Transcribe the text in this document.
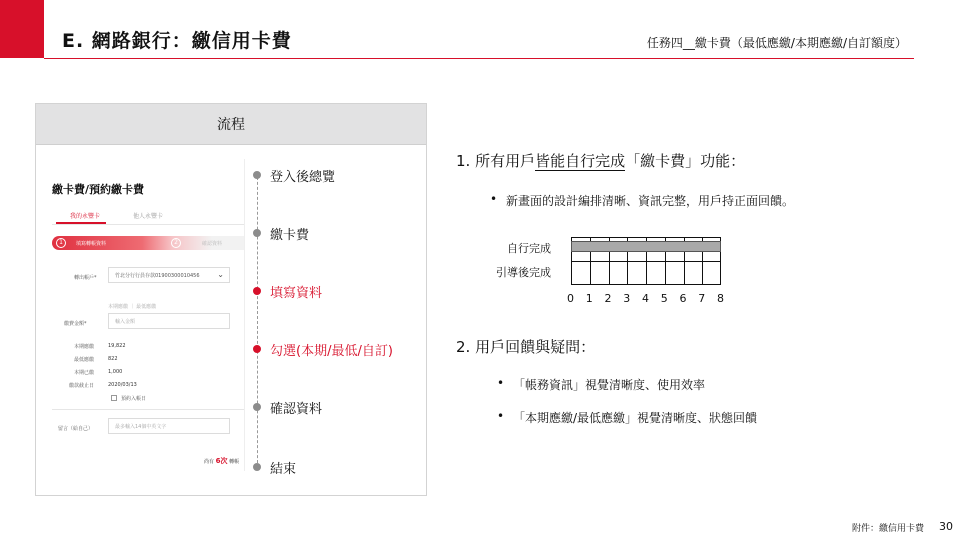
E. 網路銀行：繳信用卡費	任務四__繳卡費（最低應繳/本期應繳/自訂額度）
流程
繳卡費/預約繳卡費
我的永豐卡	他人永豐卡
1	填寫轉帳資料	2	確認資料
轉出帳戶*	竹北分行行員存款01900300010456 ⌄
本期應繳 ｜ 最低應繳
繳費金額*	輸入金額
本期應繳	19,822
最低應繳	822
本期已繳	1,000
繳款截止日	2020/03/13
預約入帳日
留言（給自己）	最多輸入14個中英文字
尚有 6次 轉帳
登入後總覽
繳卡費
填寫資料
勾選(本期/最低/自訂)
確認資料
結束
1. 所有用戶皆能自行完成「繳卡費」功能：
• 新畫面的設計編排清晰、資訊完整，用戶持正面回饋。
自行完成
引導後完成
0 1 2 3 4 5 6 7 8
2. 用戶回饋與疑問：
• 「帳務資訊」視覺清晰度、使用效率
• 「本期應繳/最低應繳」視覺清晰度、狀態回饋
附件：繳信用卡費 30
